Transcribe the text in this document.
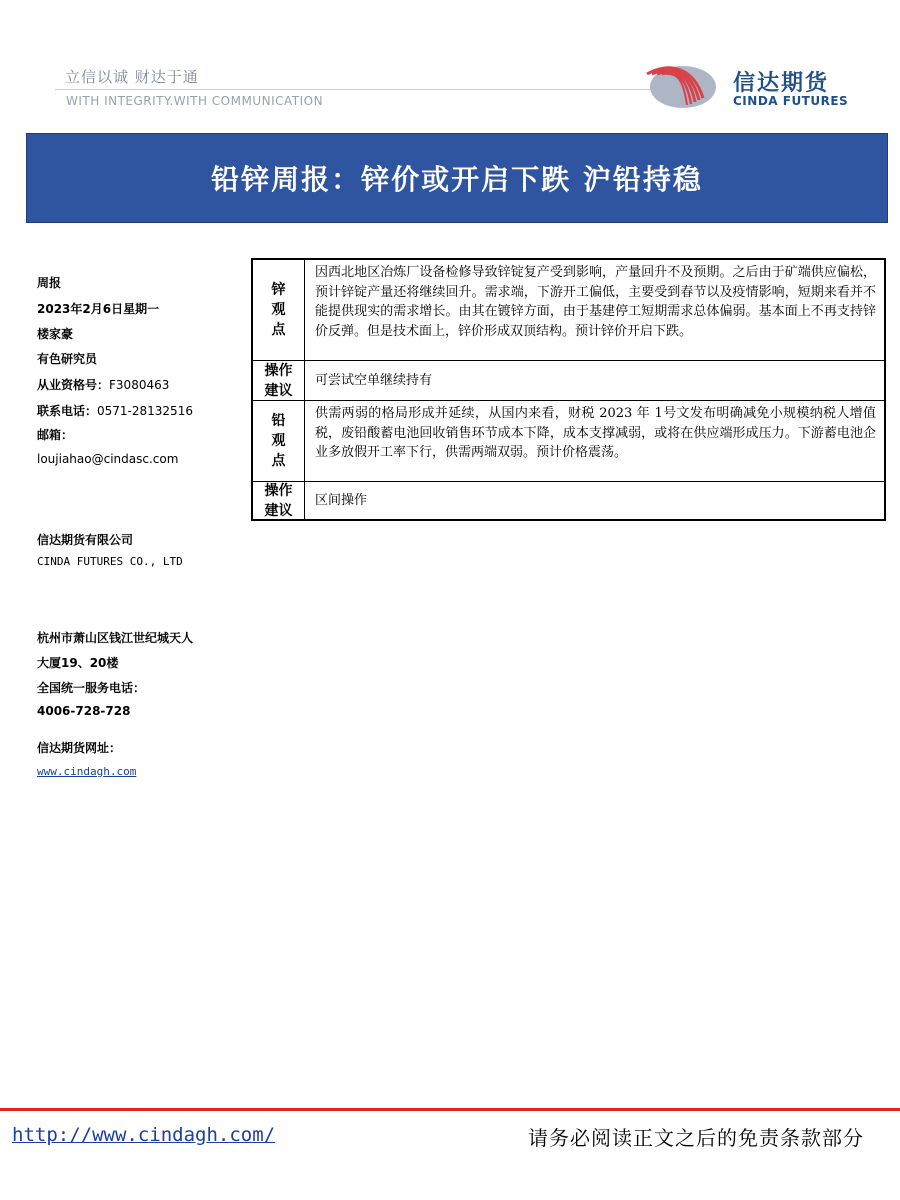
立信以诚 财达于通
WITH INTEGRITY.WITH COMMUNICATION
信达期货
CINDA FUTURES
铅锌周报：锌价或开启下跌 沪铅持稳
周报
2023年2月6日星期一
楼家豪
有色研究员
从业资格号：F3080463
联系电话：0571-28132516
邮箱：
loujiahao@cindasc.com
信达期货有限公司
CINDA FUTURES CO., LTD
杭州市萧山区钱江世纪城天人
大厦19、20楼
全国统一服务电话：
4006-728-728
信达期货网址：
www.cindagh.com
锌
观
点
因西北地区冶炼厂设备检修导致锌锭复产受到影响，产量回升不及预期。之后由于矿端供应偏松，预计锌锭产量还将继续回升。需求端，下游开工偏低，主要受到春节以及疫情影响，短期来看并不能提供现实的需求增长。由其在镀锌方面，由于基建停工短期需求总体偏弱。基本面上不再支持锌价反弹。但是技术面上，锌价形成双顶结构。预计锌价开启下跌。
操作
建议
可尝试空单继续持有
铅
观
点
供需两弱的格局形成并延续，从国内来看，财税 2023 年 1号文发布明确减免小规模纳税人增值税，废铅酸蓄电池回收销售环节成本下降，成本支撑减弱，或将在供应端形成压力。下游蓄电池企业多放假开工率下行，供需两端双弱。预计价格震荡。
操作
建议
区间操作
http://www.cindagh.com/	请务必阅读正文之后的免责条款部分
